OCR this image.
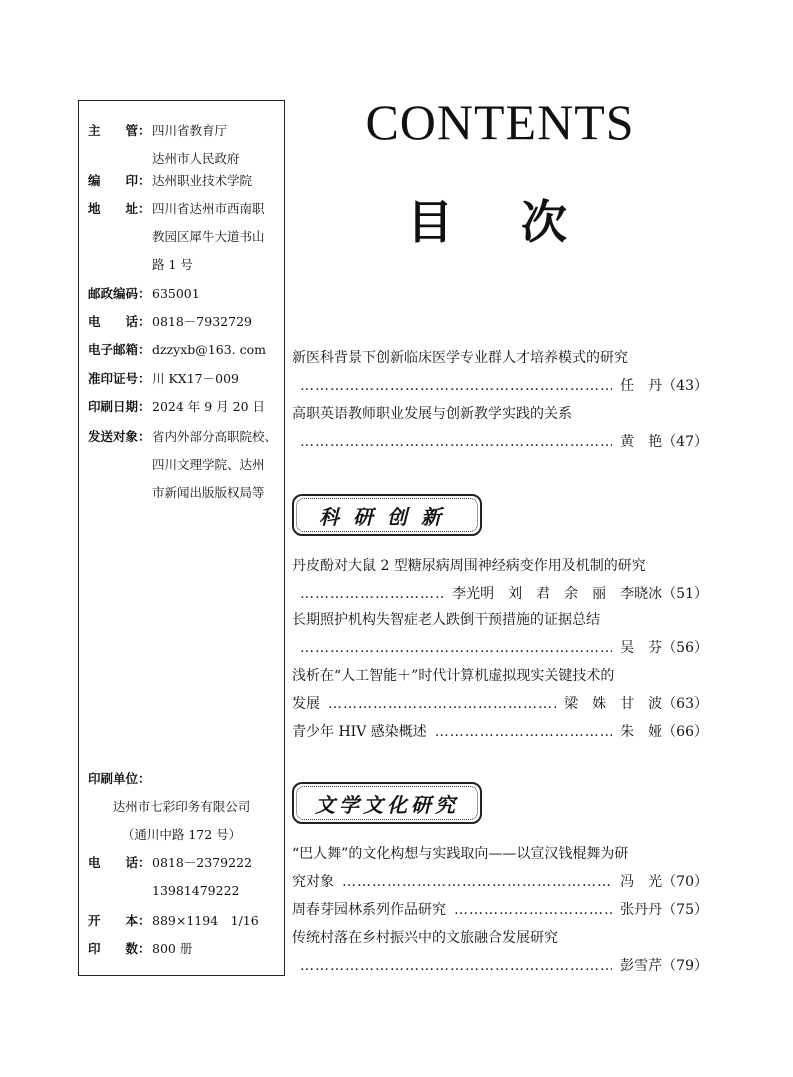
主　　管： 四川省教育厅
达州市人民政府
编　　印： 达州职业技术学院
地　　址： 四川省达州市西南职
教园区犀牛大道书山
路 1 号
邮政编码： 635001
电　　话： 0818－7932729
电子邮箱： dzzyxb@163. com
准印证号： 川 KX17－009
印刷日期： 2024 年 9 月 20 日
发送对象： 省内外部分高职院校、
四川文理学院、达州
市新闻出版版权局等
印刷单位：
达州市七彩印务有限公司
（通川中路 172 号）
电　　话： 0818－2379222
13981479222
开　　本： 889×1194　1/16
印　　数： 800 册
CONTENTS
目 次
新医科背景下创新临床医学专业群人才培养模式的研究
…………………………………………………………………………………………………………
任　丹（43）
高职英语教师职业发展与创新教学实践的关系
…………………………………………………………………………………………………………
黄　艳（47）
科研创新
丹皮酚对大鼠 2 型糖尿病周围神经病变作用及机制的研究
…………………………………………………………………………………………………………
李光明　刘　君　余　丽　李晓冰（51）
长期照护机构失智症老人跌倒干预措施的证据总结
…………………………………………………………………………………………………………
吴　芬（56）
浅析在“人工智能＋”时代计算机虚拟现实关键技术的
发展 …………………………………………………………………………………………………………	梁　姝　甘　波（63）
青少年 HIV 感染概述 …………………………………………………………………………………………………………	朱　娅（66）
文学文化研究
“巴人舞”的文化构想与实践取向——以宣汉钱棍舞为研
究对象 …………………………………………………………………………………………………………	冯　光（70）
周春芽园林系列作品研究 …………………………………………………………………………………………………………	张丹丹（75）
传统村落在乡村振兴中的文旅融合发展研究
…………………………………………………………………………………………………………
彭雪芹（79）
